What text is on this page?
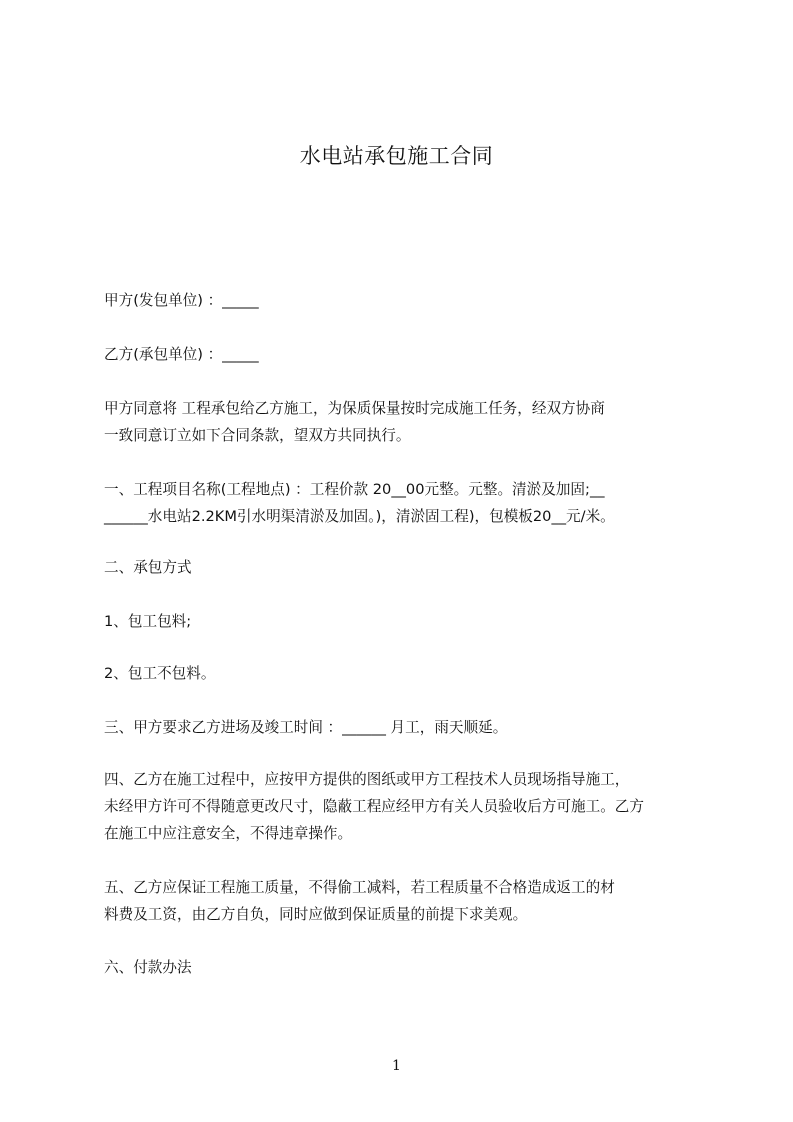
水电站承包施工合同
甲方(发包单位) ：_____
乙方(承包单位) ：_____
甲方同意将 工程承包给乙方施工，为保质保量按时完成施工任务，经双方协商
一致同意订立如下合同条款，望双方共同执行。
一、工程项目名称(工程地点) ：工程价款 20__00元整。元整。清淤及加固;__
______水电站2.2KM引水明渠清淤及加固。)，清淤固工程)，包模板20__元/米。
二、承包方式
1、包工包料;
2、包工不包料。
三、甲方要求乙方进场及竣工时间 ：______ 月工，雨天顺延。
四、乙方在施工过程中，应按甲方提供的图纸或甲方工程技术人员现场指导施工，
未经甲方许可不得随意更改尺寸，隐蔽工程应经甲方有关人员验收后方可施工。乙方
在施工中应注意安全，不得违章操作。
五、乙方应保证工程施工质量，不得偷工减料，若工程质量不合格造成返工的材
料费及工资，由乙方自负，同时应做到保证质量的前提下求美观。
六、付款办法
1
